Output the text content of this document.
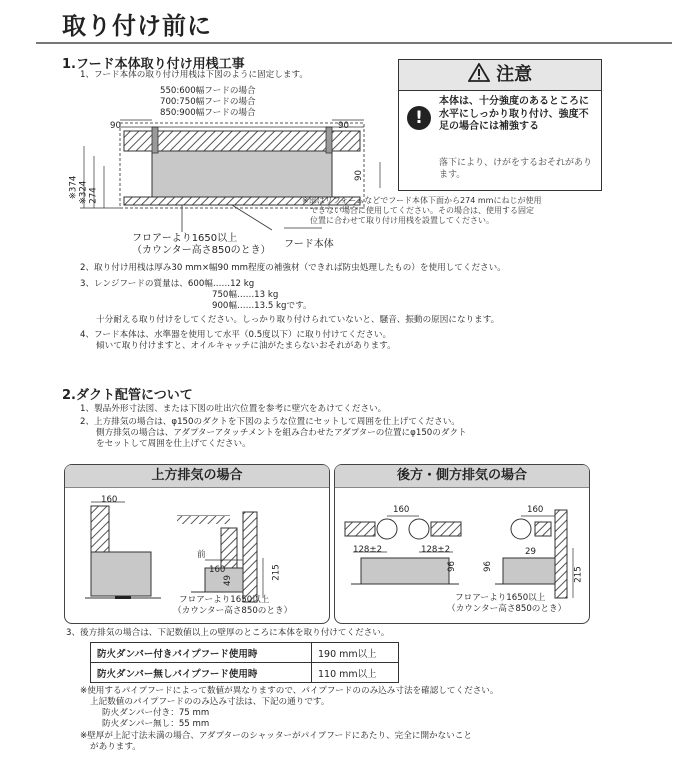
取り付け前に
1.フード本体取り付け用桟工事
1、フード本体の取り付け用桟は下図のように固定します。
550:600幅フードの場合
700:750幅フードの場合
850:900幅フードの場合
90	90
90
※374 ※324 274
フロアーより1650以上
（カウンター高さ850のとき）
フード本体
注意
!
本体は、十分強度のあるところに水平にしっかり取り付け、強度不足の場合には補強する
落下により、けがをするおそれがあります。
※部はリフォームなどでフード本体下面から274 mmにねじが使用
　できない場合に使用してください。その場合は、使用する固定
　位置に合わせて取り付け用桟を設置してください。
2、取り付け用桟は厚み30 mm×幅90 mm程度の補強材（できれば防虫処理したもの）を使用してください。
3、レンジフードの質量は、600幅……12 kg
750幅……13 kg
900幅……13.5 kgです。
十分耐える取り付けをしてください。しっかり取り付けられていないと、騒音、振動の原因になります。
4、フード本体は、水準器を使用して水平（0.5度以下）に取り付けてください。
傾いて取り付けますと、オイルキャッチに油がたまらないおそれがあります。
2.ダクト配管について
1、製品外形寸法図、または下図の吐出穴位置を参考に壁穴をあけてください。
2、上方排気の場合は、φ150のダクトを下図のような位置にセットして周囲を仕上げてください。
側方排気の場合は、アダプターアタッチメントを組み合わせたアダプターの位置にφ150のダクト
をセットして周囲を仕上げてください。
上方排気の場合
160
前
160
49	215
フロアーより1650以上
（カウンター高さ850のとき）
後方・側方排気の場合
160	160
128±2	128±2
96	96
29
215
フロアーより1650以上
（カウンター高さ850のとき）
3、後方排気の場合は、下記数値以上の壁厚のところに本体を取り付けてください。
防火ダンパー付きパイプフード使用時	190 mm以上
防火ダンパー無しパイプフード使用時	110 mm以上
※使用するパイプフードによって数値が異なりますので、パイプフードののみ込み寸法を確認してください。
上記数値のパイプフードののみ込み寸法は、下記の通りです。
防火ダンパー付き：75 mm
防火ダンパー無し：55 mm
※壁厚が上記寸法未満の場合、アダプターのシャッターがパイプフードにあたり、完全に開かないこと
があります。
